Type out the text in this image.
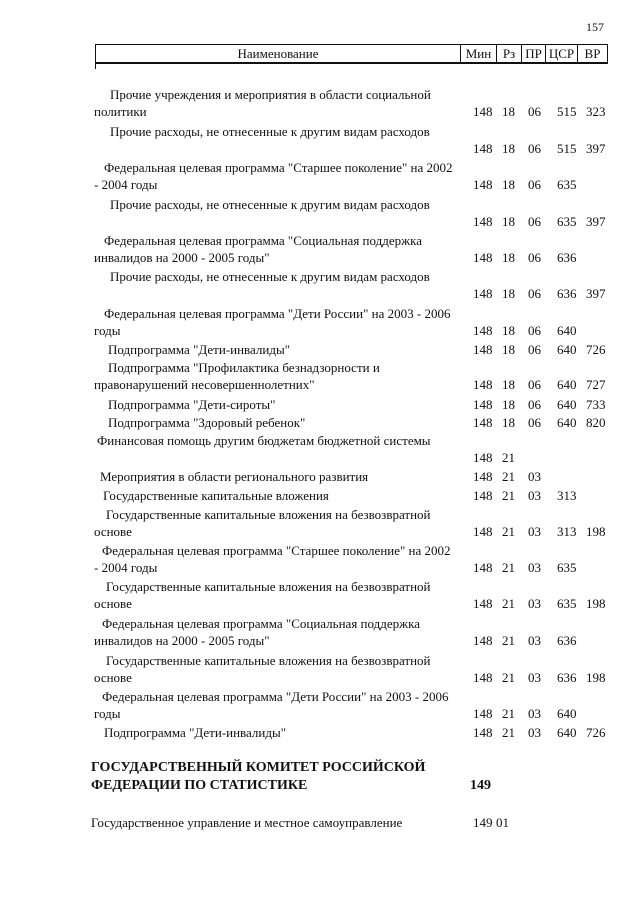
157
Наименование	Мин Рз ПР ЦСР ВР
Прочие учреждения и мероприятия в области социальной политики	148 18 06 515 323
Прочие расходы, не отнесенные к другим видам расходов
148 18 06 515 397
Федеральная целевая программа "Старшее поколение" на 2002 - 2004 годы	148 18 06 635
Прочие расходы, не отнесенные к другим видам расходов
148 18 06 635 397
Федеральная целевая программа "Социальная поддержка инвалидов на 2000 - 2005 годы"	148 18 06 636
Прочие расходы, не отнесенные к другим видам расходов
148 18 06 636 397
Федеральная целевая программа "Дети России" на 2003 - 2006 годы	148 18 06 640
Подпрограмма "Дети-инвалиды"	148 18 06 640 726
Подпрограмма "Профилактика безнадзорности и правонарушений несовершеннолетних"	148 18 06 640 727
Подпрограмма "Дети-сироты"	148 18 06 640 733
Подпрограмма "Здоровый ребенок"	148 18 06 640 820
Финансовая помощь другим бюджетам бюджетной системы
148 21
Мероприятия в области регионального развития	148 21 03
Государственные капитальные вложения	148 21 03 313
Государственные капитальные вложения на безвозвратной основе	148 21 03 313 198
Федеральная целевая программа "Старшее поколение" на 2002 - 2004 годы	148 21 03 635
Государственные капитальные вложения на безвозвратной основе	148 21 03 635 198
Федеральная целевая программа "Социальная поддержка инвалидов на 2000 - 2005 годы"	148 21 03 636
Государственные капитальные вложения на безвозвратной основе	148 21 03 636 198
Федеральная целевая программа "Дети России" на 2003 - 2006 годы	148 21 03 640
Подпрограмма "Дети-инвалиды"	148 21 03 640 726
ГОСУДАРСТВЕННЫЙ КОМИТЕТ РОССИЙСКОЙ ФЕДЕРАЦИИ ПО СТАТИСТИКЕ	149
Государственное управление и местное самоуправление	149 01
